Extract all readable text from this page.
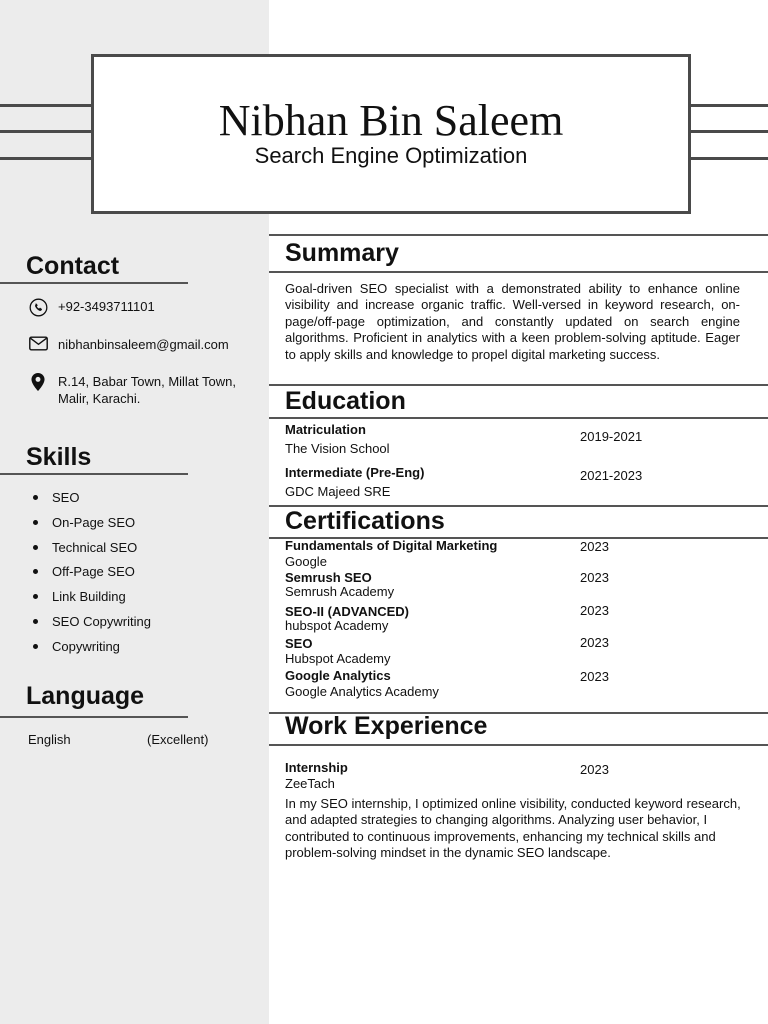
Nibhan Bin Saleem
Search Engine Optimization
Contact
+92-3493711101
nibhanbinsaleem@gmail.com
R.14, Babar Town, Millat Town,
Malir, Karachi.
Skills
SEO
On-Page SEO
Technical SEO
Off-Page SEO
Link Building
SEO Copywriting
Copywriting
Language
English	(Excellent)
Summary
Goal-driven SEO specialist with a demonstrated ability to enhance online visibility and increase organic traffic. Well-versed in keyword research, on-page/off-page optimization, and constantly updated on search engine algorithms. Proficient in analytics with a keen problem-solving aptitude. Eager to apply skills and knowledge to propel digital marketing success.
Education
Matriculation
The Vision School
2019-2021
Intermediate (Pre-Eng)
GDC Majeed SRE
2021-2023
Certifications
Fundamentals of Digital Marketing
Google
2023
Semrush SEO
Semrush Academy
2023
SEO-II (ADVANCED)
hubspot Academy
2023
SEO
Hubspot Academy
2023
Google Analytics
Google Analytics Academy
2023
Work Experience
Internship
ZeeTach
2023
In my SEO internship, I optimized online visibility, conducted keyword research, and adapted strategies to changing algorithms. Analyzing user behavior, I contributed to continuous improvements, enhancing my technical skills and problem-solving mindset in the dynamic SEO landscape.
